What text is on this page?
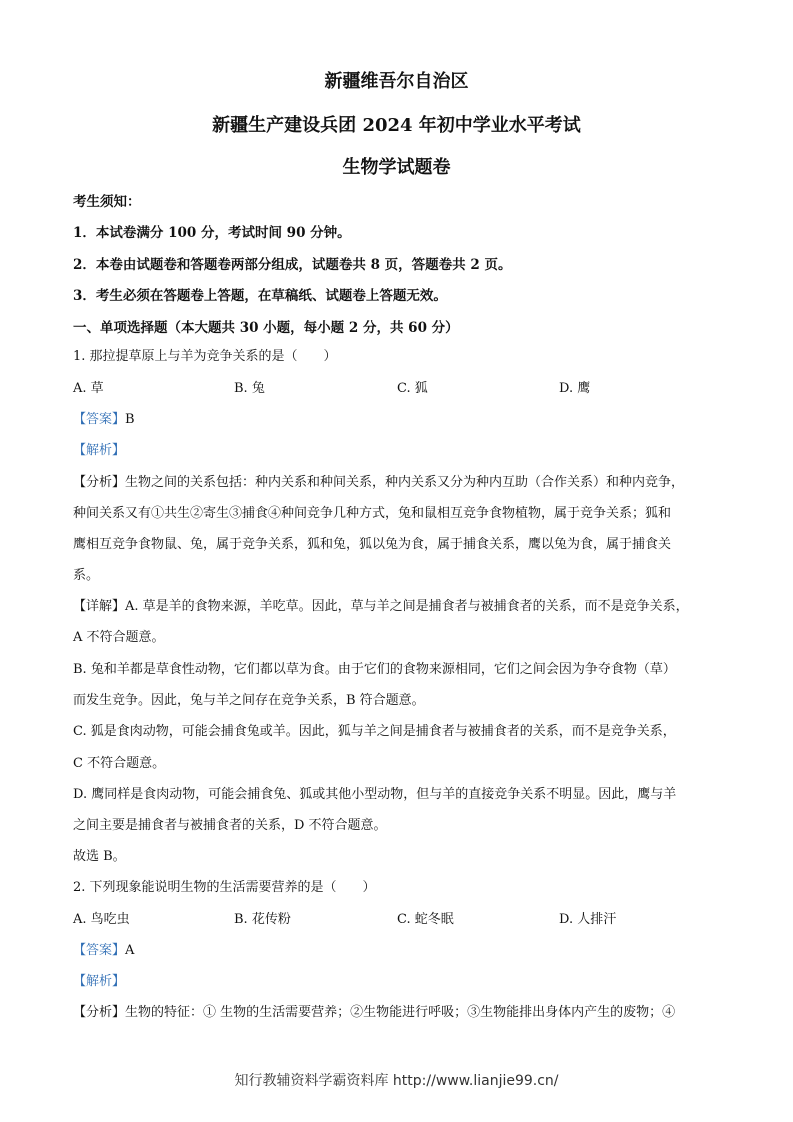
新疆维吾尔自治区
新疆生产建设兵团 2024 年初中学业水平考试
生物学试题卷
考生须知：
1．本试卷满分 100 分，考试时间 90 分钟。
2．本卷由试题卷和答题卷两部分组成，试题卷共 8 页，答题卷共 2 页。
3．考生必须在答题卷上答题，在草稿纸、试题卷上答题无效。
一、单项选择题（本大题共 30 小题，每小题 2 分，共 60 分）
1. 那拉提草原上与羊为竞争关系的是（　　）
A. 草	B. 兔	C. 狐	D. 鹰
【答案】B
【解析】
【分析】生物之间的关系包括：种内关系和种间关系，种内关系又分为种内互助（合作关系）和种内竞争，
种间关系又有①共生②寄生③捕食④种间竞争几种方式，兔和鼠相互竞争食物植物，属于竞争关系；狐和
鹰相互竞争食物鼠、兔，属于竞争关系，狐和兔，狐以兔为食，属于捕食关系，鹰以兔为食，属于捕食关
系。
【详解】A. 草是羊的食物来源，羊吃草。因此，草与羊之间是捕食者与被捕食者的关系，而不是竞争关系，
A 不符合题意。
B. 兔和羊都是草食性动物，它们都以草为食。由于它们的食物来源相同，它们之间会因为争夺食物（草）
而发生竞争。因此，兔与羊之间存在竞争关系，B 符合题意。
C. 狐是食肉动物，可能会捕食兔或羊。因此，狐与羊之间是捕食者与被捕食者的关系，而不是竞争关系，
C 不符合题意。
D. 鹰同样是食肉动物，可能会捕食兔、狐或其他小型动物，但与羊的直接竞争关系不明显。因此，鹰与羊
之间主要是捕食者与被捕食者的关系，D 不符合题意。
故选 B。
2. 下列现象能说明生物的生活需要营养的是（　　）
A. 鸟吃虫	B. 花传粉	C. 蛇冬眠	D. 人排汗
【答案】A
【解析】
【分析】生物的特征：① 生物的生活需要营养；②生物能进行呼吸；③生物能排出身体内产生的废物；④
知行教辅资料学霸资料库 http://www.lianjie99.cn/
